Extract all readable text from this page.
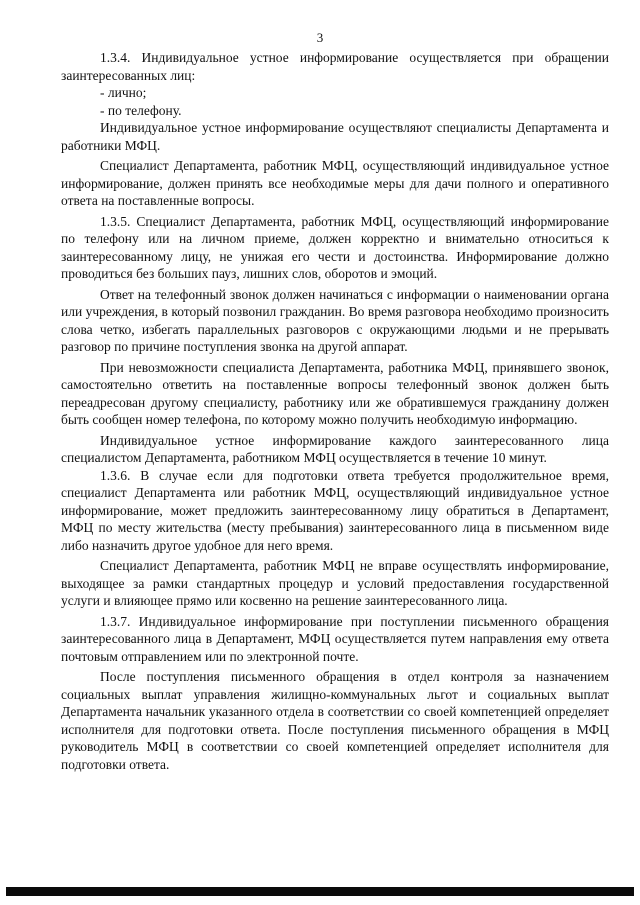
3

1.3.4. Индивидуальное устное информирование осуществляется при обращении заинтересованных лиц:

- лично;

- по телефону.

Индивидуальное устное информирование осуществляют специалисты Департамента и работники МФЦ.

Специалист Департамента, работник МФЦ, осуществляющий индивидуальное устное информирование, должен принять все необходимые меры для дачи полного и оперативного ответа на поставленные вопросы.

1.3.5. Специалист Департамента, работник МФЦ, осуществляющий информирование по телефону или на личном приеме, должен корректно и внимательно относиться к заинтересованному лицу, не унижая его чести и достоинства. Информирование должно проводиться без больших пауз, лишних слов, оборотов и эмоций.

Ответ на телефонный звонок должен начинаться с информации о наименовании органа или учреждения, в который позвонил гражданин. Во время разговора необходимо произносить слова четко, избегать параллельных разговоров с окружающими людьми и не прерывать разговор по причине поступления звонка на другой аппарат.

При невозможности специалиста Департамента, работника МФЦ, принявшего звонок, самостоятельно ответить на поставленные вопросы телефонный звонок должен быть переадресован другому специалисту, работнику или же обратившемуся гражданину должен быть сообщен номер телефона, по которому можно получить необходимую информацию.

Индивидуальное устное информирование каждого заинтересованного лица специалистом Департамента, работником МФЦ осуществляется в течение 10 минут.

1.3.6. В случае если для подготовки ответа требуется продолжительное время, специалист Департамента или работник МФЦ, осуществляющий индивидуальное устное информирование, может предложить заинтересованному лицу обратиться в Департамент, МФЦ по месту жительства (месту пребывания) заинтересованного лица в письменном виде либо назначить другое удобное для него время.

Специалист Департамента, работник МФЦ не вправе осуществлять информирование, выходящее за рамки стандартных процедур и условий предоставления государственной услуги и влияющее прямо или косвенно на решение заинтересованного лица.

1.3.7. Индивидуальное информирование при поступлении письменного обращения заинтересованного лица в Департамент, МФЦ осуществляется путем направления ему ответа почтовым отправлением или по электронной почте.

После поступления письменного обращения в отдел контроля за назначением социальных выплат управления жилищно-коммунальных льгот и социальных выплат Департамента начальник указанного отдела в соответствии со своей компетенцией определяет исполнителя для подготовки ответа. После поступления письменного обращения в МФЦ руководитель МФЦ в соответствии со своей компетенцией определяет исполнителя для подготовки ответа.
